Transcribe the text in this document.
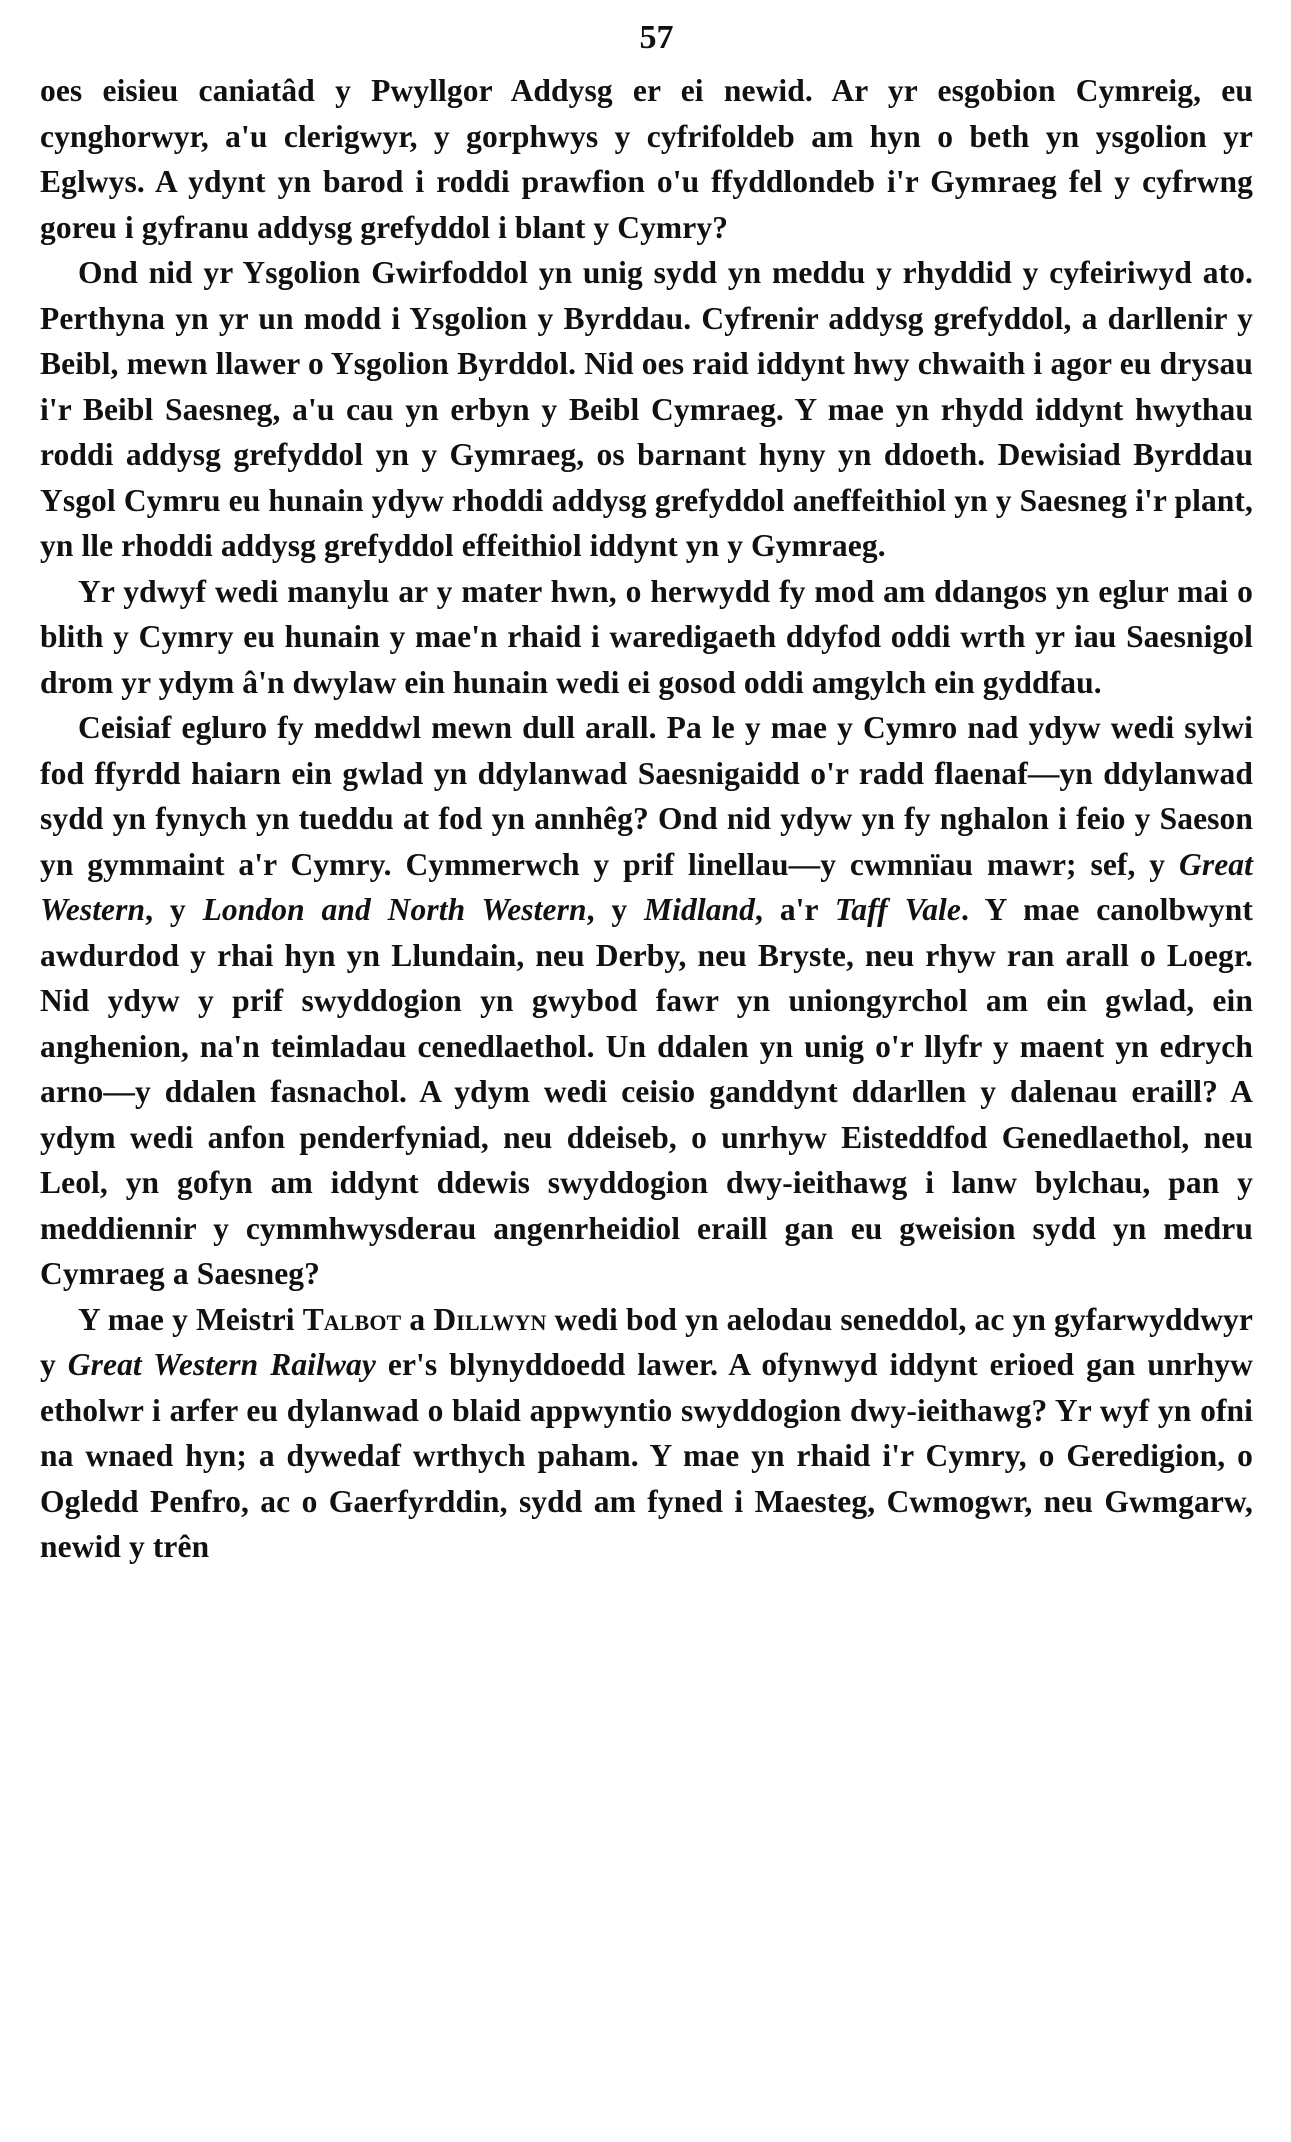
57

oes eisieu caniatâd y Pwyllgor Addysg er ei newid. Ar yr esgobion Cymreig, eu cynghorwyr, a'u clerigwyr, y gorphwys y cyfrifoldeb am hyn o beth yn ysgolion yr Eglwys. A ydynt yn barod i roddi prawfion o'u ffyddlondeb i'r Gymraeg fel y cyfrwng goreu i gyfranu addysg grefyddol i blant y Cymry?

Ond nid yr Ysgolion Gwirfoddol yn unig sydd yn meddu y rhyddid y cyfeiriwyd ato. Perthyna yn yr un modd i Ysgolion y Byrddau. Cyfrenir addysg grefyddol, a darllenir y Beibl, mewn llawer o Ysgolion Byrddol. Nid oes raid iddynt hwy chwaith i agor eu drysau i'r Beibl Saesneg, a'u cau yn erbyn y Beibl Cymraeg. Y mae yn rhydd iddynt hwythau roddi addysg grefyddol yn y Gymraeg, os barnant hyny yn ddoeth. Dewisiad Byrddau Ysgol Cymru eu hunain ydyw rhoddi addysg grefyddol aneffeithiol yn y Saesneg i'r plant, yn lle rhoddi addysg grefyddol effeithiol iddynt yn y Gymraeg.

Yr ydwyf wedi manylu ar y mater hwn, o herwydd fy mod am ddangos yn eglur mai o blith y Cymry eu hunain y mae'n rhaid i waredigaeth ddyfod oddi wrth yr iau Saesnigol drom yr ydym â'n dwylaw ein hunain wedi ei gosod oddi amgylch ein gyddfau.

Ceisiaf egluro fy meddwl mewn dull arall. Pa le y mae y Cymro nad ydyw wedi sylwi fod ffyrdd haiarn ein gwlad yn ddylanwad Saesnigaidd o'r radd flaenaf—yn ddylanwad sydd yn fynych yn tueddu at fod yn annhêg? Ond nid ydyw yn fy nghalon i feio y Saeson yn gymmaint a'r Cymry. Cymmerwch y prif linellau—y cwmnïau mawr; sef, y Great Western, y London and North Western, y Midland, a'r Taff Vale. Y mae canolbwynt awdurdod y rhai hyn yn Llundain, neu Derby, neu Bryste, neu rhyw ran arall o Loegr. Nid ydyw y prif swyddogion yn gwybod fawr yn uniongyrchol am ein gwlad, ein anghenion, na'n teimladau cenedlaethol. Un ddalen yn unig o'r llyfr y maent yn edrych arno—y ddalen fasnachol. A ydym wedi ceisio ganddynt ddarllen y dalenau eraill? A ydym wedi anfon penderfyniad, neu ddeiseb, o unrhyw Eisteddfod Genedlaethol, neu Leol, yn gofyn am iddynt ddewis swyddogion dwy-ieithawg i lanw bylchau, pan y meddiennir y cymmhwysderau angenrheidiol eraill gan eu gweision sydd yn medru Cymraeg a Saesneg?

Y mae y Meistri Talbot a Dillwyn wedi bod yn aelodau seneddol, ac yn gyfarwyddwyr y Great Western Railway er's blynyddoedd lawer. A ofynwyd iddynt erioed gan unrhyw etholwr i arfer eu dylanwad o blaid appwyntio swyddogion dwy-ieithawg? Yr wyf yn ofni na wnaed hyn; a dywedaf wrthych paham. Y mae yn rhaid i'r Cymry, o Geredigion, o Ogledd Penfro, ac o Gaerfyrddin, sydd am fyned i Maesteg, Cwmogwr, neu Gwmgarw, newid y trên
